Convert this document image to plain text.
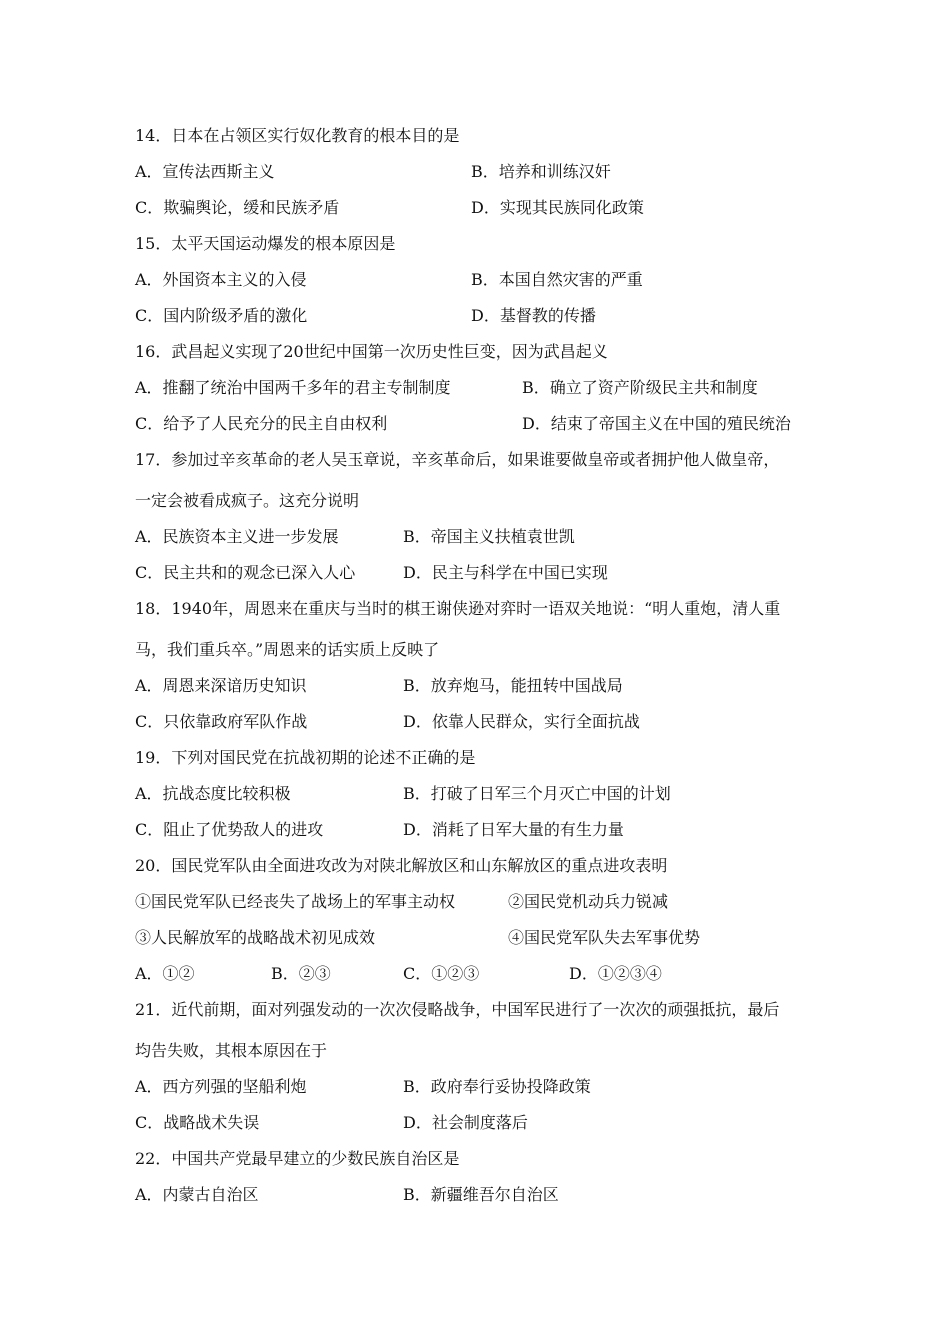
14．日本在占领区实行奴化教育的根本目的是
A．宣传法西斯主义	B．培养和训练汉奸
C．欺骗舆论，缓和民族矛盾	D．实现其民族同化政策
15．太平天国运动爆发的根本原因是
A．外国资本主义的入侵	B．本国自然灾害的严重
C．国内阶级矛盾的激化	D．基督教的传播
16．武昌起义实现了20世纪中国第一次历史性巨变，因为武昌起义
A．推翻了统治中国两千多年的君主专制制度	B．确立了资产阶级民主共和制度
C．给予了人民充分的民主自由权利	D．结束了帝国主义在中国的殖民统治
17．参加过辛亥革命的老人吴玉章说，辛亥革命后，如果谁要做皇帝或者拥护他人做皇帝，
一定会被看成疯子。这充分说明
A．民族资本主义进一步发展	B．帝国主义扶植袁世凯
C．民主共和的观念已深入人心	D．民主与科学在中国已实现
18．1940年，周恩来在重庆与当时的棋王谢侠逊对弈时一语双关地说：“明人重炮，清人重
马，我们重兵卒。”周恩来的话实质上反映了
A．周恩来深谙历史知识	B．放弃炮马，能扭转中国战局
C．只依靠政府军队作战	D．依靠人民群众，实行全面抗战
19．下列对国民党在抗战初期的论述不正确的是
A．抗战态度比较积极	B．打破了日军三个月灭亡中国的计划
C．阻止了优势敌人的进攻	D．消耗了日军大量的有生力量
20．国民党军队由全面进攻改为对陕北解放区和山东解放区的重点进攻表明
①国民党军队已经丧失了战场上的军事主动权	②国民党机动兵力锐减
③人民解放军的战略战术初见成效	④国民党军队失去军事优势
A．①②	B．②③	C．①②③	D．①②③④
21．近代前期，面对列强发动的一次次侵略战争，中国军民进行了一次次的顽强抵抗，最后
均告失败，其根本原因在于
A．西方列强的坚船利炮	B．政府奉行妥协投降政策
C．战略战术失误	D．社会制度落后
22．中国共产党最早建立的少数民族自治区是
A．内蒙古自治区	B．新疆维吾尔自治区
